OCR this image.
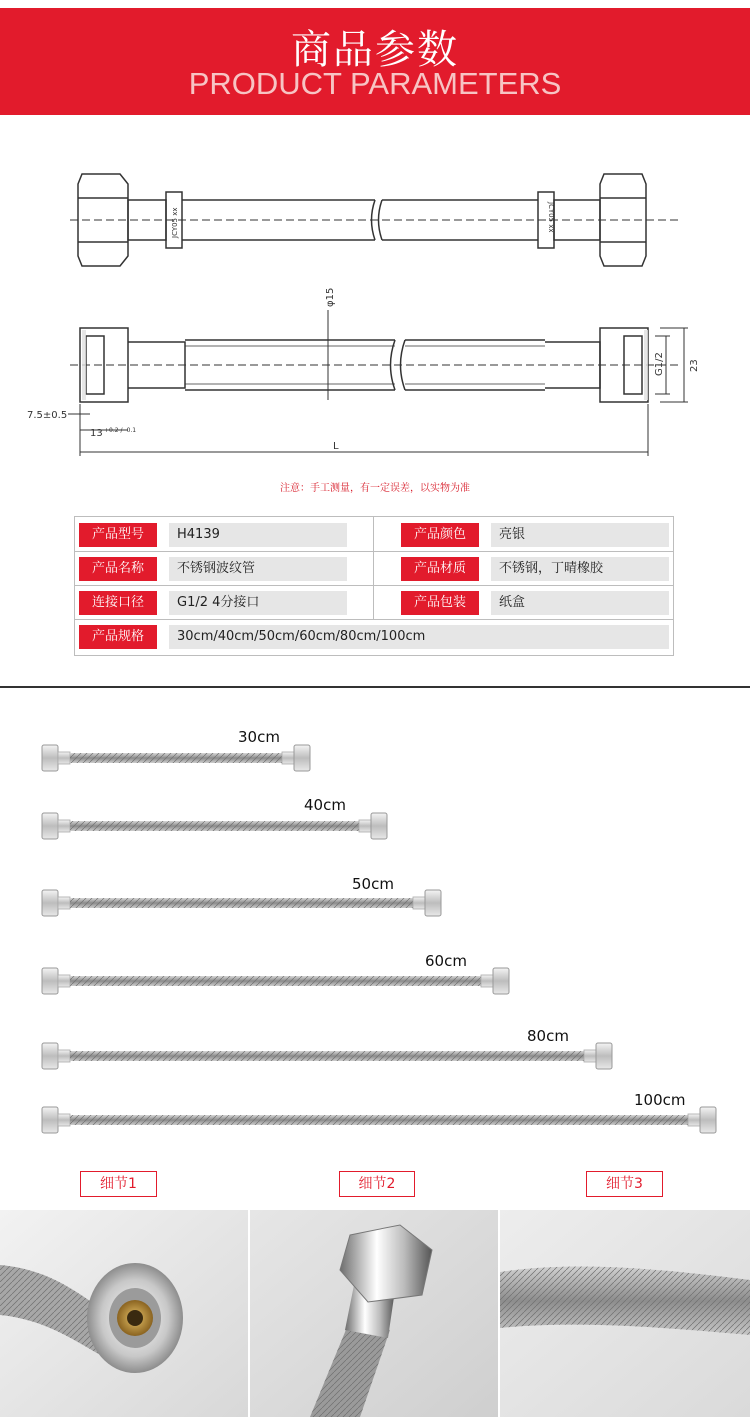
商品参数
PRODUCT PARAMETERS
JCY05 xx	JCY05 xx
φ15
G1/2 23
7.5±0.5
13 +0.2 / -0.1
L
注意：手工测量，有一定误差，以实物为准
产品型号	H4139	产品颜色	亮银
产品名称	不锈钢波纹管	产品材质	不锈钢，丁晴橡胶
连接口径	G1/2 4分接口	产品包装	纸盒
产品规格	30cm/40cm/50cm/60cm/80cm/100cm
30cm
40cm
50cm
60cm
80cm
100cm
细节1	细节2	细节3
